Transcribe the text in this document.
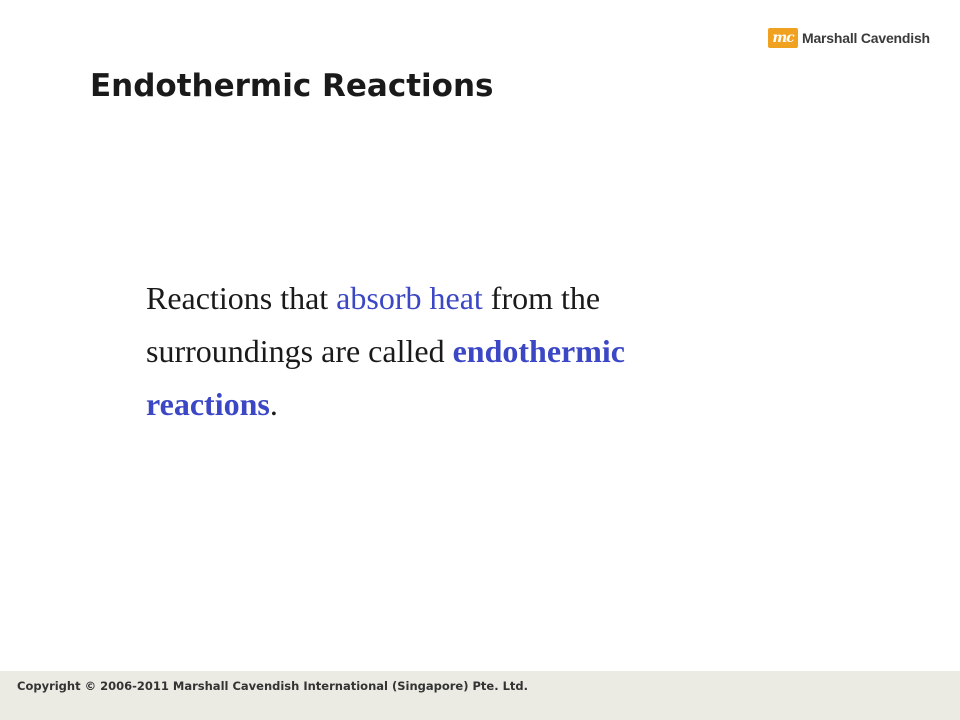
mc Marshall Cavendish
Endothermic Reactions

Reactions that absorb heat from the surroundings are called endothermic reactions.

Copyright © 2006-2011 Marshall Cavendish International (Singapore) Pte. Ltd.
